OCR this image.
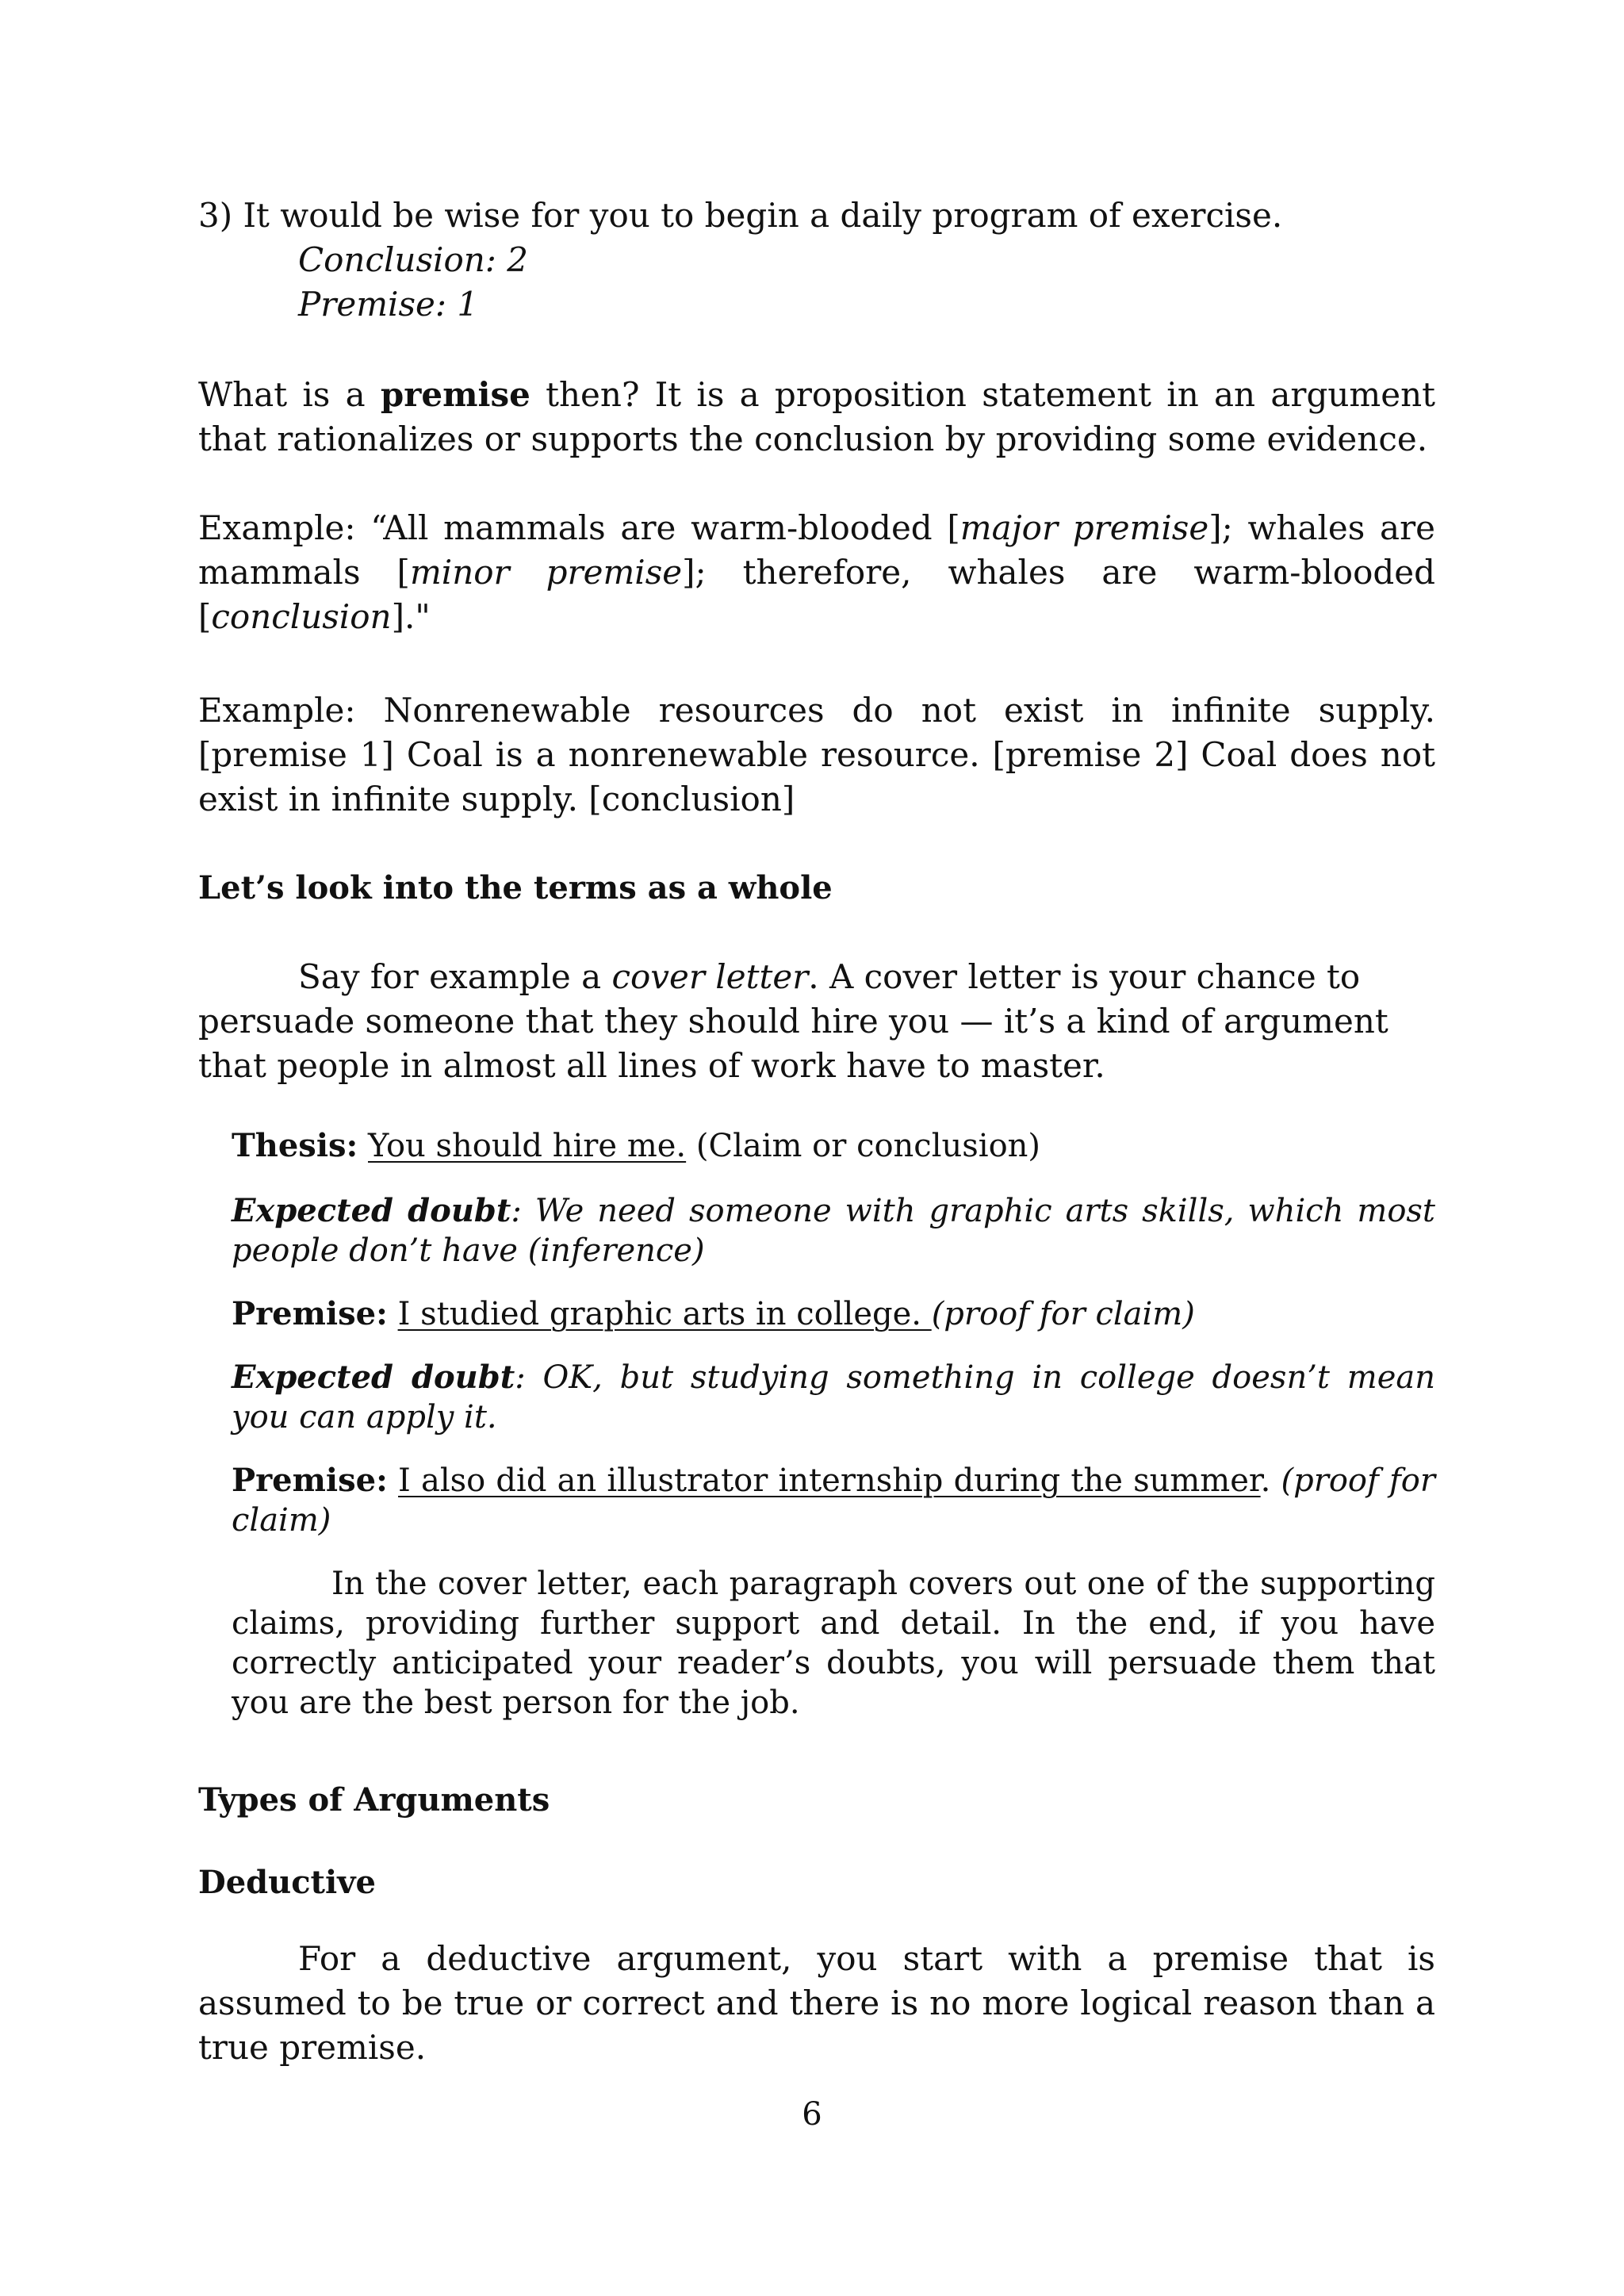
3) It would be wise for you to begin a daily program of exercise.
Conclusion: 2
Premise: 1

What is a premise then? It is a proposition statement in an argument that rationalizes or supports the conclusion by providing some evidence.

Example: “All mammals are warm-blooded [major premise]; whales are mammals [minor premise]; therefore, whales are warm-blooded [conclusion]."

Example: Nonrenewable resources do not exist in infinite supply. [premise 1] Coal is a nonrenewable resource. [premise 2] Coal does not exist in infinite supply. [conclusion]

Let’s look into the terms as a whole

Say for example a cover letter. A cover letter is your chance to persuade someone that they should hire you — it’s a kind of argument that people in almost all lines of work have to master.

Thesis: You should hire me. (Claim or conclusion)

Expected doubt: We need someone with graphic arts skills, which most people don’t have (inference)

Premise: I studied graphic arts in college. (proof for claim)

Expected doubt: OK, but studying something in college doesn’t mean you can apply it.

Premise: I also did an illustrator internship during the summer. (proof for claim)

In the cover letter, each paragraph covers out one of the supporting claims, providing further support and detail. In the end, if you have correctly anticipated your reader’s doubts, you will persuade them that you are the best person for the job.

Types of Arguments
Deductive

For a deductive argument, you start with a premise that is assumed to be true or correct and there is no more logical reason than a true premise.

6
